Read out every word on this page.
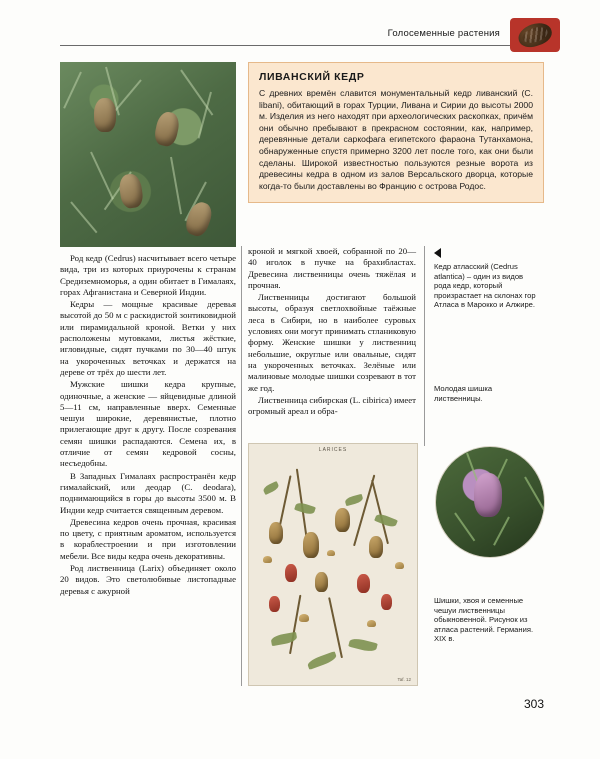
Голосеменные растения
ЛИВАНСКИЙ КЕДР

С древних времён славится монументальный кедр ливанский (C. libani), обитающий в горах Турции, Ливана и Сирии до высоты 2000 м. Изделия из него находят при археологических раскопках, причём они обычно пребывают в прекрасном состоянии, как, например, деревянные детали саркофага египетского фараона Тутанхамона, обнаруженные спустя примерно 3200 лет после того, как они были сделаны. Широкой известностью пользуются резные ворота из древесины кедра в одном из залов Версальского дворца, которые когда-то были доставлены во Францию с острова Родос.

Род кедр (Cedrus) насчитывает всего четыре вида, три из которых приурочены к странам Средиземноморья, а один обитает в Гималаях, горах Афганистана и Северной Индии.

Кедры — мощные красивые деревья высотой до 50 м с раскидистой зонтиковидной или пирамидальной кроной. Ветки у них расположены мутовками, листья жёсткие, игловидные, сидят пучками по 30—40 штук на укороченных веточках и держатся на дереве от трёх до шести лет.

Мужские шишки кедра крупные, одиночные, а женские — яйцевидные длиной 5—11 см, направленные вверх. Семенные чешуи широкие, деревянистые, плотно прилегающие друг к другу. После созревания семян шишки распадаются. Семена их, в отличие от семян кедровой сосны, несъедобны.

В Западных Гималаях распространён кедр гималайский, или деодар (C. deodara), поднимающийся в горы до высоты 3500 м. В Индии кедр считается священным деревом.

Древесина кедров очень прочная, красивая по цвету, с приятным ароматом, используется в кораблестроении и при изготовлении мебели. Все виды кедра очень декоративны.

Род лиственница (Larix) объединяет около 20 видов. Это светолюбивые листопадные деревья с ажурной

кроной и мягкой хвоей, собранной по 20—40 иголок в пучке на брахибластах. Древесина лиственницы очень тяжёлая и прочная.

Лиственницы достигают большой высоты, образуя светлохвойные таёжные леса в Сибири, но в наиболее суровых условиях они могут принимать стланиковую форму. Женские шишки у лиственниц небольшие, округлые или овальные, сидят на укороченных веточках. Зелёные или малиновые молодые шишки созревают в тот же год.

Лиственница сибирская (L. cibirica) имеет огромный ареал и обра-

Кедр атласский (Cedrus atlantica) – один из видов рода кедр, который произрастает на склонах гор Атласа в Марокко и Алжире.
Молодая шишка лиственницы.
Шишки, хвоя и семенные чешуи лиственницы обыкновенной. Рисунок из атласа растений. Германия. XIX в.
LARICES
Taf. 12
303
